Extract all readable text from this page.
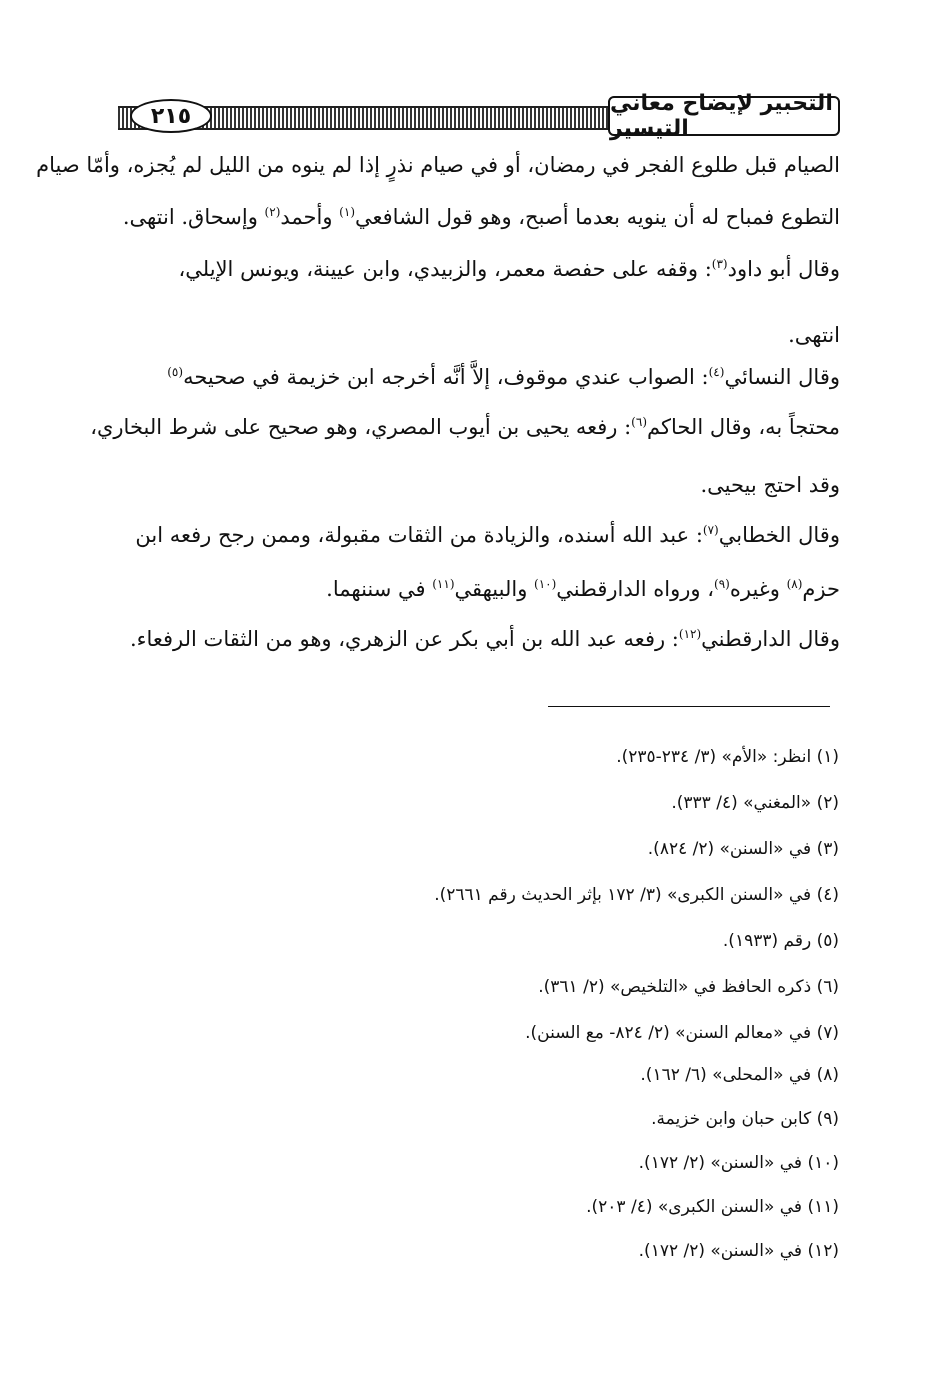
التحبير لإيضاح معاني التيسير
٢١٥
الصيام قبل طلوع الفجر في رمضان، أو في صيام نذرٍ إذا لم ينوه من الليل لم يُجزه، وأمّا صيام
التطوع فمباح له أن ينويه بعدما أصبح، وهو قول الشافعي$^{(١)}$ وأحمد$^{(٢)}$ وإسحاق. انتهى.
وقال أبو داود$^{(٣)}$: وقفه على حفصة معمر، والزبيدي، وابن عيينة، ويونس الإيلي،
انتهى.
وقال النسائي$^{(٤)}$: الصواب عندي موقوف، إلاَّ أنَّه أخرجه ابن خزيمة في صحيحه$^{(٥)}$
محتجاً به، وقال الحاكم$^{(٦)}$: رفعه يحيى بن أيوب المصري، وهو صحيح على شرط البخاري،
وقد احتج بيحيى.
وقال الخطابي$^{(٧)}$: عبد الله أسنده، والزيادة من الثقات مقبولة، وممن رجح رفعه ابن
حزم$^{(٨)}$ وغيره$^{(٩)}$، ورواه الدارقطني$^{(١٠)}$ والبيهقي$^{(١١)}$ في سننهما.
وقال الدارقطني$^{(١٢)}$: رفعه عبد الله بن أبي بكر عن الزهري، وهو من الثقات الرفعاء.
(١) انظر: «الأم» (٣/ ٢٣٤-٢٣٥).
(٢) «المغني» (٤/ ٣٣٣).
(٣) في «السنن» (٢/ ٨٢٤).
(٤) في «السنن الكبرى» (٣/ ١٧٢ بإثر الحديث رقم ٢٦٦١).
(٥) رقم (١٩٣٣).
(٦) ذكره الحافظ في «التلخيص» (٢/ ٣٦١).
(٧) في «معالم السنن» (٢/ ٨٢٤- مع السنن).
(٨) في «المحلى» (٦/ ١٦٢).
(٩) كابن حبان وابن خزيمة.
(١٠) في «السنن» (٢/ ١٧٢).
(١١) في «السنن الكبرى» (٤/ ٢٠٣).
(١٢) في «السنن» (٢/ ١٧٢).
